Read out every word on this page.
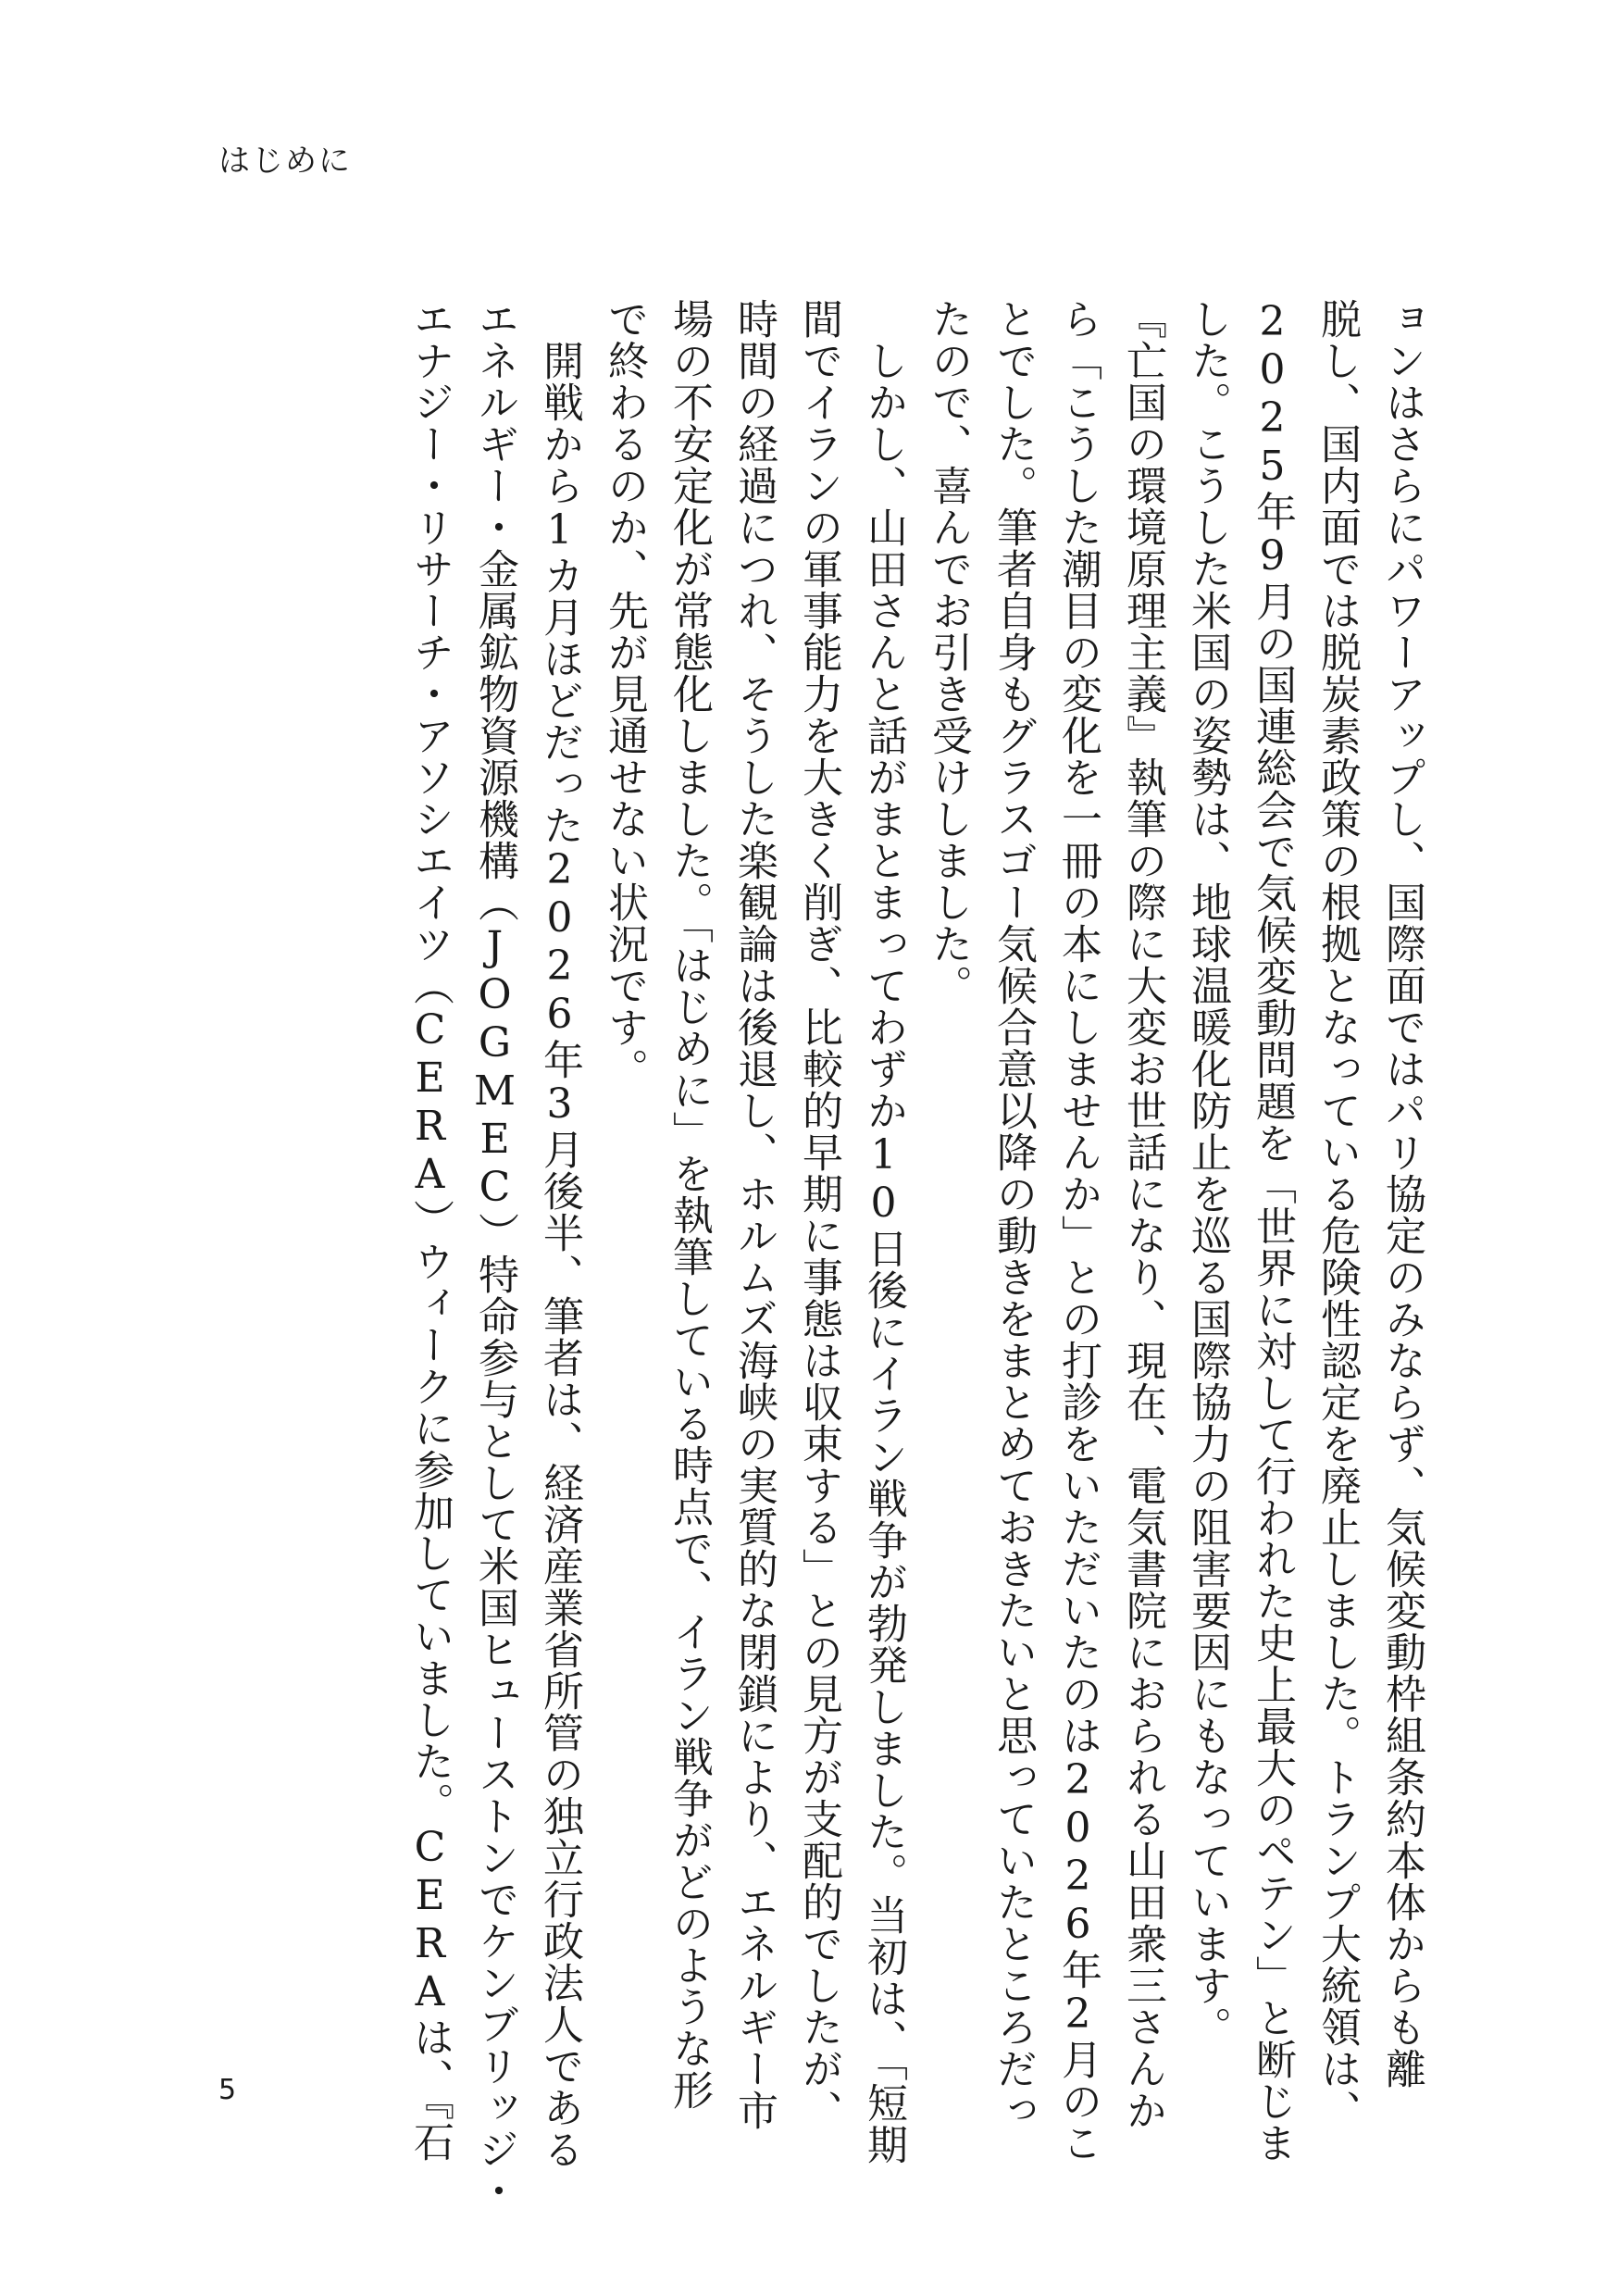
はじめに
ョンはさらにパワーアップし、国際面ではパリ協定のみならず、気候変動枠組条約本体からも離
脱し、国内面では脱炭素政策の根拠となっている危険性認定を廃止しました。トランプ大統領は、
2025年9月の国連総会で気候変動問題を「世界に対して行われた史上最大のペテン」と断じま
した。こうした米国の姿勢は、地球温暖化防止を巡る国際協力の阻害要因にもなっています。
『亡国の環境原理主義』執筆の際に大変お世話になり、現在、電気書院におられる山田衆三さんか
ら「こうした潮目の変化を一冊の本にしませんか」との打診をいただいたのは2026年2月のこ
とでした。筆者自身もグラスゴー気候合意以降の動きをまとめておきたいと思っていたところだっ
たので、喜んでお引き受けしました。
　しかし、山田さんと話がまとまってわずか10日後にイラン戦争が勃発しました。当初は、「短期
間でイランの軍事能力を大きく削ぎ、比較的早期に事態は収束する」との見方が支配的でしたが、
時間の経過につれ、そうした楽観論は後退し、ホルムズ海峡の実質的な閉鎖により、エネルギー市
場の不安定化が常態化しました。「はじめに」を執筆している時点で、イラン戦争がどのような形
で終わるのか、先が見通せない状況です。
　開戦から1カ月ほどだった2026年3月後半、筆者は、経済産業省所管の独立行政法人である
エネルギー・金属鉱物資源機構（JOGMEC）特命参与として米国ヒューストンでケンブリッジ・
エナジー・リサーチ・アソシエイツ（CERA）ウィークに参加していました。CERAは、『石
5
